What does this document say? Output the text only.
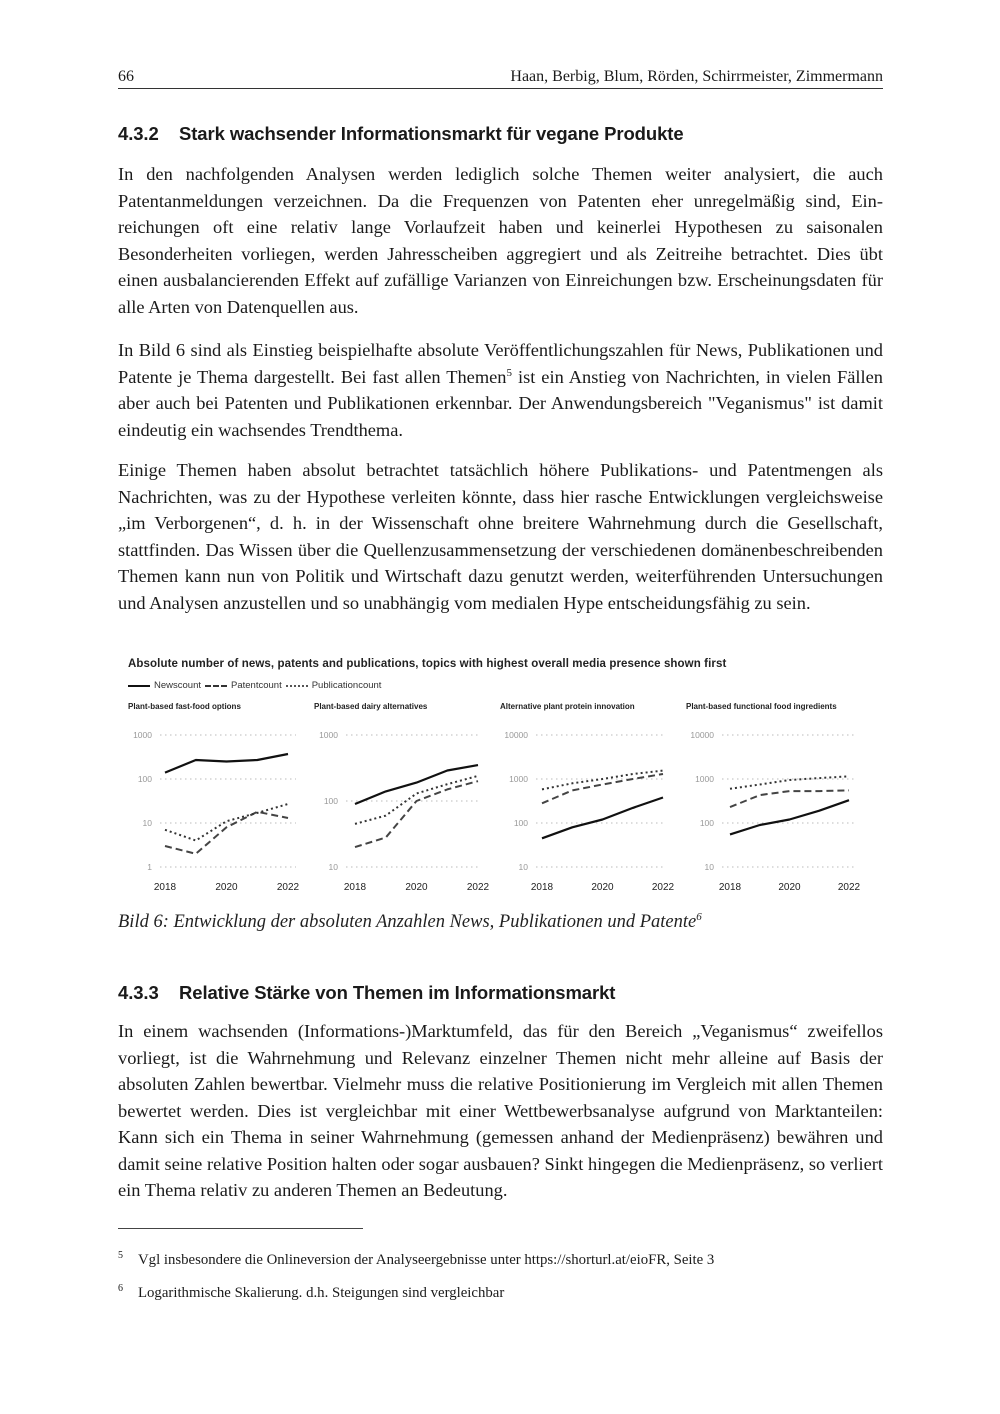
66	Haan, Berbig, Blum, Rörden, Schirrmeister, Zimmermann
4.3.2 Stark wachsender Informationsmarkt für vegane Produkte

In den nachfolgenden Analysen werden lediglich solche Themen weiter analysiert, die auch Patentanmeldungen verzeichnen. Da die Frequenzen von Patenten eher unregelmäßig sind, Einreichungen oft eine relativ lange Vorlaufzeit haben und keinerlei Hypothesen zu saisonalen Besonderheiten vorliegen, werden Jahresscheiben aggregiert und als Zeitreihe betrachtet. Dies übt einen ausbalancierenden Effekt auf zufällige Varianzen von Einreichungen bzw. Erscheinungsdaten für alle Arten von Datenquellen aus.

In Bild 6 sind als Einstieg beispielhafte absolute Veröffentlichungszahlen für News, Publikationen und Patente je Thema dargestellt. Bei fast allen Themen$^5$ ist ein Anstieg von Nachrichten, in vielen Fällen aber auch bei Patenten und Publikationen erkennbar. Der Anwendungsbereich "Veganismus" ist damit eindeutig ein wachsendes Trendthema.

Einige Themen haben absolut betrachtet tatsächlich höhere Publikations- und Patentmengen als Nachrichten, was zu der Hypothese verleiten könnte, dass hier rasche Entwicklungen vergleichsweise „im Verborgenen“, d. h. in der Wissenschaft ohne breitere Wahrnehmung durch die Gesellschaft, stattfinden. Das Wissen über die Quellenzusammensetzung der verschiedenen domänenbeschreibenden Themen kann nun von Politik und Wirtschaft dazu genutzt werden, weiterführenden Untersuchungen und Analysen anzustellen und so unabhängig vom medialen Hype entscheidungsfähig zu sein.

Absolute number of news, patents and publications, topics with highest overall media presence shown first
Newscount	Patentcount	Publicationcount
Plant-based fast-food options	Plant-based dairy alternatives	Alternative plant protein innovation	Plant-based functional food ingredients
1000
100
10
1
2018	2020	2022
1000
100
10
2018	2020	2022
10000
1000
100
10
2018	2020	2022
10000
1000
100
10
2018	2020	2022
Bild 6: Entwicklung der absoluten Anzahlen News, Publikationen und Patente$^6$
4.3.3 Relative Stärke von Themen im Informationsmarkt

In einem wachsenden (Informations-)Marktumfeld, das für den Bereich „Veganismus“ zweifellos vorliegt, ist die Wahrnehmung und Relevanz einzelner Themen nicht mehr alleine auf Basis der absoluten Zahlen bewertbar. Vielmehr muss die relative Positionierung im Vergleich mit allen Themen bewertet werden. Dies ist vergleichbar mit einer Wettbewerbsanalyse aufgrund von Marktanteilen: Kann sich ein Thema in seiner Wahrnehmung (gemessen anhand der Medienpräsenz) bewähren und damit seine relative Position halten oder sogar ausbauen? Sinkt hingegen die Medienpräsenz, so verliert ein Thema relativ zu anderen Themen an Bedeutung.

5 Vgl insbesondere die Onlineversion der Analyseergebnisse unter https://shorturl.at/eioFR, Seite 3
6 Logarithmische Skalierung. d.h. Steigungen sind vergleichbar
